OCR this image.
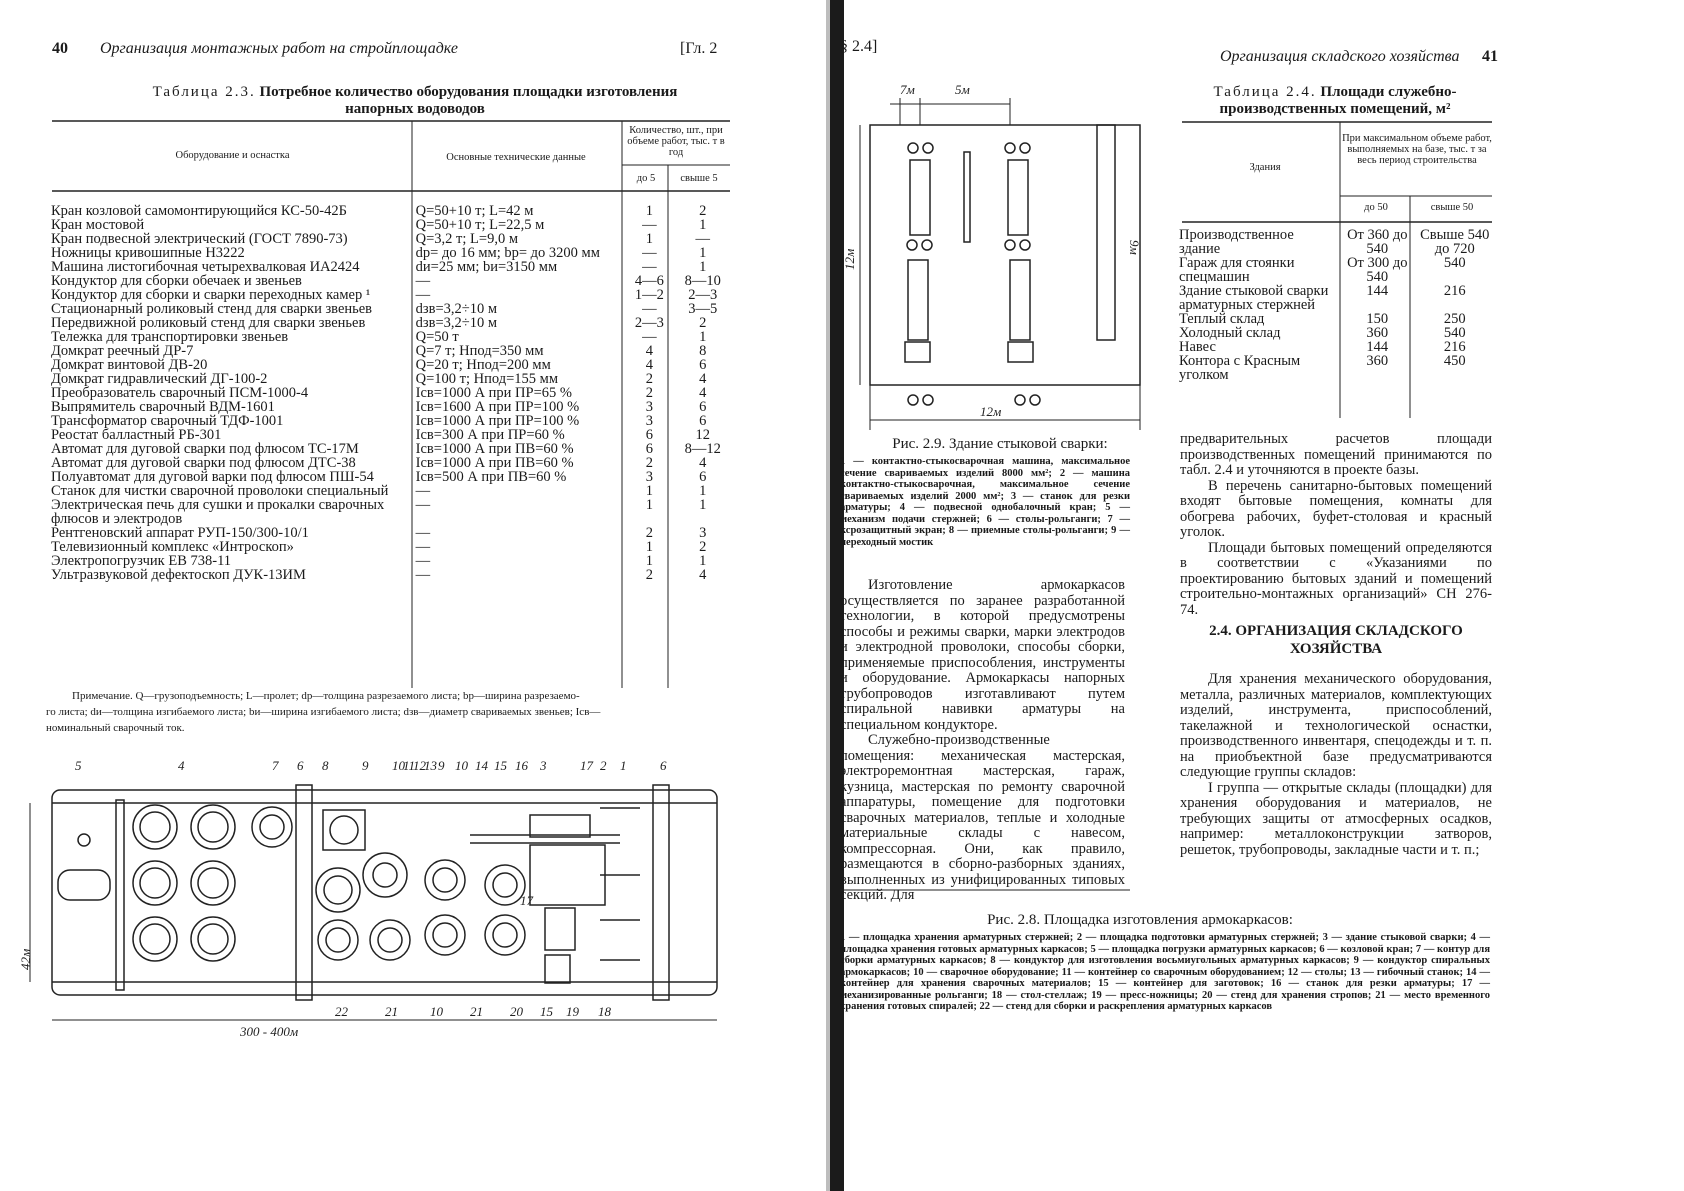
40 Организация монтажных работ на стройплощадке	[Гл. 2
Таблица 2.3. Потребное количество оборудования площадки изготовления
напорных водоводов
Оборудование и оснастка	Основные технические данные
Количество, шт., при объеме работ, тыс. т в год
до 5	свыше 5
Кран козловой самомонтирующийся КС-50-42Б	Q=50+10 т; L=42 м	1	2
Кран мостовой	Q=50+10 т; L=22,5 м	—	1
Кран подвесной электрический (ГОСТ 7890-73)	Q=3,2 т; L=9,0 м	1	—
Ножницы кривошипные Н3222	dр= до 16 мм; bр= до 3200 мм	—	1
Машина листогибочная четырехвалковая ИА2424	dи=25 мм; bи=3150 мм	—	1
Кондуктор для сборки обечаек и звеньев	—	4—6	8—10
Кондуктор для сборки и сварки переходных камер ¹	—	1—2	2—3
Стационарный роликовый стенд для сварки звеньев	dзв=3,2÷10 м	—	3—5
Передвижной роликовый стенд для сварки звеньев	dзв=3,2÷10 м	2—3	2
Тележка для транспортировки звеньев	Q=50 т	—	1
Домкрат реечный ДР-7	Q=7 т; Нпод=350 мм	4	8
Домкрат винтовой ДВ-20	Q=20 т; Нпод=200 мм	4	6
Домкрат гидравлический ДГ-100-2	Q=100 т; Нпод=155 мм	2	4
Преобразователь сварочный ПСМ-1000-4	Iсв=1000 А при ПР=65 %	2	4
Выпрямитель сварочный ВДМ-1601	Iсв=1600 А при ПР=100 %	3	6
Трансформатор сварочный ТДФ-1001	Iсв=1000 А при ПР=100 %	3	6
Реостат балластный РБ-301	Iсв=300 А при ПР=60 %	6	12
Автомат для дуговой сварки под флюсом ТС-17М	Iсв=1000 А при ПВ=60 %	6	8—12
Автомат для дуговой сварки под флюсом ДТС-38	Iсв=1000 А при ПВ=60 %	2	4
Полуавтомат для дуговой варки под флюсом ПШ-54	Iсв=500 А при ПВ=60 %	3	6
Станок для чистки сварочной проволоки специальный	—	1	1
Электрическая печь для сушки и прокалки сварочных флюсов и электродов	—	1	1
Рентгеновский аппарат РУП-150/300-10/1	—	2	3
Телевизионный комплекс «Интроскоп»	—	1	2
Электропогрузчик ЕВ 738-11	—	1	1
Ультразвуковой дефектоскоп ДУК-13ИМ	—	2	4
Примечание. Q—грузоподъемность; L—пролет; dр—толщина разрезаемого листа; bр—ширина разрезаемо-
го листа; dи—толщина изгибаемого листа; bи—ширина изгибаемого листа; dзв—диаметр свариваемых звеньев; Iсв—
номинальный сварочный ток.
42м
300 - 400м
17
5	4	7 6 8	9 10
11
12
13 9 10 14 15 16 3	17 2 1	6
22	21 10 21 20 15 19 18
§ 2.4]
Организация складского хозяйства 41
7м	5м
12м
12м
9м
Рис. 2.9. Здание стыковой сварки:
1 — контактно-стыкосварочная машина, максимальное сечение свариваемых изделий 8000 мм²; 2 — машина контактно-стыкосварочная, максимальное сечение свариваемых изделий 2000 мм²; 3 — станок для резки арматуры; 4 — подвесной однобалочный кран; 5 — механизм подачи стержней; 6 — столы-рольганги; 7 — ксрозащитный экран; 8 — приемные столы-рольганги; 9 — переходный мостик
Таблица 2.4. Площади служебно-производственных помещений, м²
Здания
При максимальном объеме работ, выполняемых на базе, тыс. т за весь период строительства
до 50	свыше 50
Производственное здание	От 360 до 540	Свыше 540 до 720
Гараж для стоянки спецмашин	От 300 до 540	540
Здание стыковой сварки арматурных стержней	144	216
Теплый склад	150	250
Холодный склад	360	540
Навес	144	216
Контора с Красным уголком	360	450

предварительных расчетов площади производственных помещений принимаются по табл. 2.4 и уточняются в проекте базы.

В перечень санитарно-бытовых помещений входят бытовые помещения, комнаты для обогрева рабочих, буфет-столовая и красный уголок.

Площади бытовых помещений определяются в соответствии с «Указаниями по проектированию бытовых зданий и помещений строительно-монтажных организаций» СН 276-74.

2.4. ОРГАНИЗАЦИЯ СКЛАДСКОГО
ХОЗЯЙСТВА

Для хранения механического оборудования, металла, различных материалов, комплектующих изделий, инструмента, приспособлений, такелажной и технологической оснастки, производственного инвентаря, спецодежды и т. п. на приобъектной базе предусматриваются следующие группы складов:

I группа — открытые склады (площадки) для хранения оборудования и материалов, не требующих защиты от атмосферных осадков, например: металлоконструкции затворов, решеток, трубопроводы, закладные части и т. п.;

Изготовление армокаркасов осуществляется по заранее разработанной технологии, в которой предусмотрены способы и режимы сварки, марки электродов и электродной проволоки, способы сборки, применяемые приспособления, инструменты и оборудование. Армокаркасы напорных трубопроводов изготавливают путем спиральной навивки арматуры на специальном кондукторе.

Служебно-производственные помещения: механическая мастерская, электроремонтная мастерская, гараж, кузница, мастерская по ремонту сварочной аппаратуры, помещение для подготовки сварочных материалов, теплые и холодные материальные склады с навесом, компрессорная. Они, как правило, размещаются в сборно-разборных зданиях, выполненных из унифицированных типовых секций. Для

Рис. 2.8. Площадка изготовления армокаркасов:
1 — площадка хранения арматурных стержней; 2 — площадка подготовки арматурных стержней; 3 — здание стыковой сварки; 4 — площадка хранения готовых арматурных каркасов; 5 — площадка погрузки арматурных каркасов; 6 — козловой кран; 7 — контур для сборки арматурных каркасов; 8 — кондуктор для изготовления восьмиугольных арматурных каркасов; 9 — кондуктор спиральных армокаркасов; 10 — сварочное оборудование; 11 — контейнер со сварочным оборудованием; 12 — столы; 13 — гибочный станок; 14 — контейнер для хранения сварочных материалов; 15 — контейнер для заготовок; 16 — станок для резки арматуры; 17 — механизированные рольганги; 18 — стол-стеллаж; 19 — пресс-ножницы; 20 — стенд для хранения стропов; 21 — место временного хранения готовых спиралей; 22 — стенд для сборки и раскрепления арматурных каркасов
